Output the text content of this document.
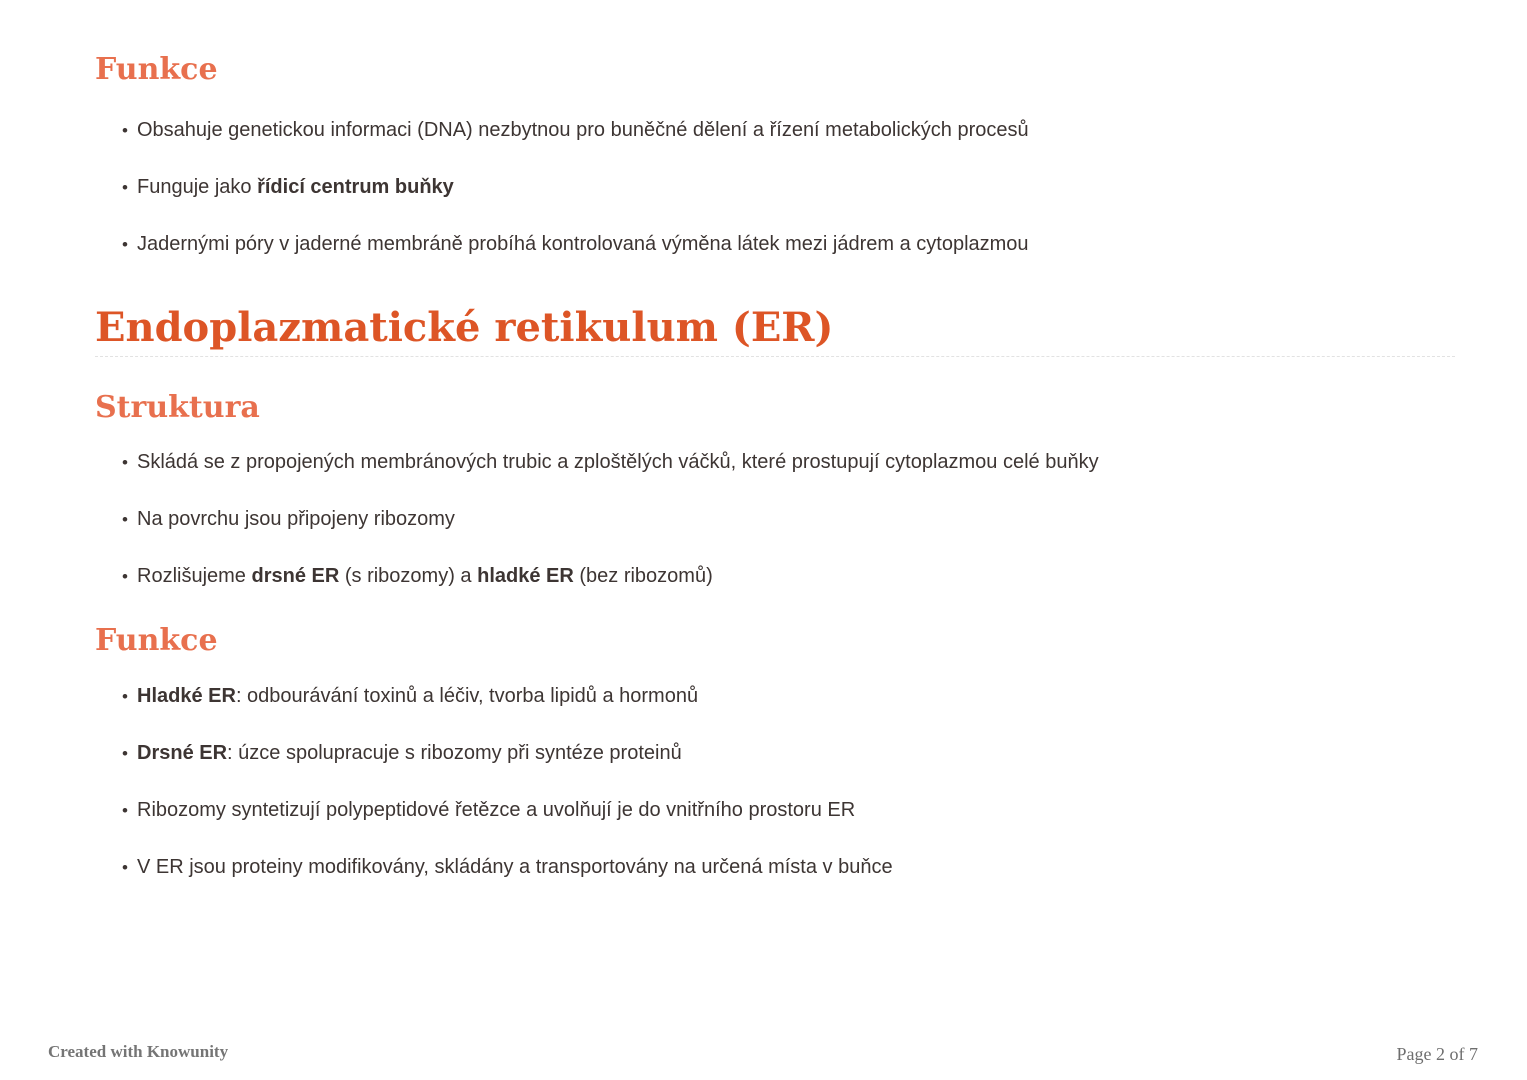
Funkce
• Obsahuje genetickou informaci (DNA) nezbytnou pro buněčné dělení a řízení metabolických procesů
• Funguje jako řídicí centrum buňky
• Jadernými póry v jaderné membráně probíhá kontrolovaná výměna látek mezi jádrem a cytoplazmou
Endoplazmatické retikulum (ER)
Struktura
• Skládá se z propojených membránových trubic a zploštělých váčků, které prostupují cytoplazmou celé buňky
• Na povrchu jsou připojeny ribozomy
• Rozlišujeme drsné ER (s ribozomy) a hladké ER (bez ribozomů)
Funkce
• Hladké ER: odbourávání toxinů a léčiv, tvorba lipidů a hormonů
• Drsné ER: úzce spolupracuje s ribozomy při syntéze proteinů
• Ribozomy syntetizují polypeptidové řetězce a uvolňují je do vnitřního prostoru ER
• V ER jsou proteiny modifikovány, skládány a transportovány na určená místa v buňce
Created with Knowunity	Page 2 of 7
